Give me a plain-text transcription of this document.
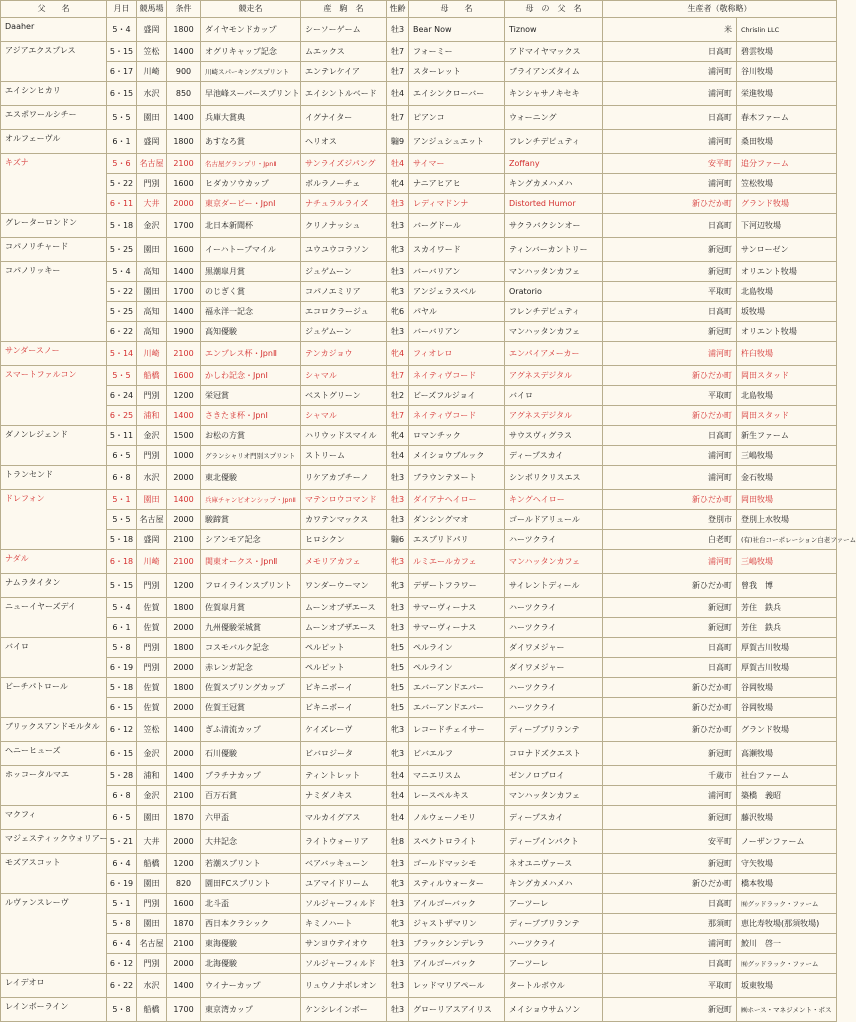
父　　名	月日	競馬場	条件	競走名	産　駒　名	性齢	母　　名	母　の　父　名	生産者（敬称略）	
Daaher	5・4	盛岡	1800	ダイヤモンドカップ	シーソーゲーム	牡3	Bear Now	Tiznow	米	Chrislin LLC	
アジアエクスプレス	5・15	笠松	1400	オグリキャップ記念	ムエックス	牡7	フォーミー	アドマイヤマックス	日高町	碧雲牧場	
	6・17	川崎	900	川崎スパーキングスプリント	エンテレケイア	牡7	スターレット	ブライアンズタイム	浦河町	谷川牧場	
エイシンヒカリ	6・15	水沢	850	早池峰スーパースプリント	エイシントルベード	牡4	エイシンクローバー	キンシャサノキセキ	浦河町	栄進牧場	
エスポワールシチー	5・5	園田	1400	兵庫大賞典	イグナイター	牡7	ピアンコ	ウォーニング	日高町	春木ファーム	
オルフェーヴル	6・1	盛岡	1800	あすなろ賞	ヘリオス	騸9	アンジュシュエット	フレンチデピュティ	浦河町	桑田牧場	
キズナ	5・6	名古屋	2100	名古屋グランプリ・JpnⅡ	サンライズジパング	牡4	サイマー	Zoffany	安平町	追分ファーム	
	5・22	門別	1600	ヒダカソウカップ	ボルラノーチェ	牝4	ナニアヒアヒ	キングカメハメハ	浦河町	笠松牧場	
	6・11	大井	2000	東京ダービー・JpnⅠ	ナチュラルライズ	牡3	レディマドンナ	Distorted Humor	新ひだか町	グランド牧場	
グレーターロンドン	5・18	金沢	1700	北日本新聞杯	クリノナッシュ	牡3	バーグドール	サクラバクシンオー	日高町	下河辺牧場	
コパノリチャード	5・25	園田	1600	イーハトーブマイル	ユウユウコラソン	牝3	スカイワード	ティンバーカントリー	新冠町	サンローゼン	
コパノリッキー	5・4	高知	1400	黒潮皐月賞	ジュゲムーン	牡3	バーバリアン	マンハッタンカフェ	新冠町	オリエント牧場	
	5・22	園田	1700	のじぎく賞	コパノエミリア	牝3	アンジェラスベル	Oratorio	平取町	北島牧場	
	5・25	高知	1400	福永洋一記念	エコロクラージュ	牝6	パヤル	フレンチデピュティ	日高町	坂牧場	
	6・22	高知	1900	高知優駿	ジュゲムーン	牡3	バーバリアン	マンハッタンカフェ	新冠町	オリエント牧場	
サンダースノー	5・14	川崎	2100	エンプレス杯・JpnⅡ	テンカジョウ	牝4	フィオレロ	エンパイアメーカー	浦河町	杵臼牧場	
スマートファルコン	5・5	船橋	1600	かしわ記念・JpnⅠ	シャマル	牡7	ネイティヴコード	アグネスデジタル	新ひだか町	岡田スタッド	
	6・24	門別	1200	栄冠賞	ベストグリーン	牡2	ビーズフルジョイ	バイロ	平取町	北島牧場	
	6・25	浦和	1400	さきたま杯・JpnⅠ	シャマル	牡7	ネイティヴコード	アグネスデジタル	新ひだか町	岡田スタッド	
ダノンレジェンド	5・11	金沢	1500	お松の方賞	ハリウッドスマイル	牝4	ロマンチック	サウスヴィグラス	日高町	新生ファーム	
	6・5	門別	1000	グランシャリオ門別スプリント	ストリーム	牡4	メイショウブルック	ディープスカイ	浦河町	三嶋牧場	
トランセンド	6・8	水沢	2000	東北優駿	リケアカプチーノ	牡3	ブラウンテヌート	シンボリクリスエス	浦河町	金石牧場	
ドレフォン	5・1	園田	1400	兵庫チャンピオンシップ・JpnⅡ	マテンロウコマンド	牡3	ダイアナヘイロー	キングヘイロー	新ひだか町	岡田牧場	
	5・5	名古屋	2000	駿蹄賞	カワテンマックス	牡3	ダンシングマオ	ゴールドアリュール	登別市	登別上水牧場	
	5・18	盛岡	2100	シアンモア記念	ヒロシクン	騸6	エスプリドパリ	ハーツクライ	白老町	(有)社台コーポレーション白老ファーム	
ナダル	6・18	川崎	2100	関東オークス・JpnⅡ	メモリアカフェ	牝3	ルミエールカフェ	マンハッタンカフェ	浦河町	三嶋牧場	
ナムラタイタン	5・15	門別	1200	フロイラインスプリント	ワンダーウーマン	牝3	デザートフラワー	サイレントディール	新ひだか町	曾我　博	
ニューイヤーズデイ	5・4	佐賀	1800	佐賀皐月賞	ムーンオブザエース	牡3	サマーヴィーナス	ハーツクライ	新冠町	芳住　鉄兵	
	6・1	佐賀	2000	九州優駿栄城賞	ムーンオブザエース	牡3	サマーヴィーナス	ハーツクライ	新冠町	芳住　鉄兵	
バイロ	5・8	門別	1800	コスモバルク記念	ペルピット	牡5	ペルライン	ダイワメジャー	日高町	厚賀古川牧場	
	6・19	門別	2000	赤レンガ記念	ペルピット	牡5	ペルライン	ダイワメジャー	日高町	厚賀古川牧場	
ビーチパトロール	5・18	佐賀	1800	佐賀スプリングカップ	ビキニボーイ	牡5	エバーアンドエバー	ハーツクライ	新ひだか町	谷岡牧場	
	6・15	佐賀	2000	佐賀王冠賞	ビキニボーイ	牡5	エバーアンドエバー	ハーツクライ	新ひだか町	谷岡牧場	
ブリックスアンドモルタル	6・12	笠松	1400	ぎふ清流カップ	ケイズレーヴ	牝3	レコードチェイサー	ディープブリランテ	新ひだか町	グランド牧場	
ヘニーヒューズ	6・15	金沢	2000	石川優駿	ビバロジータ	牝3	ビバエルフ	コロナドズクエスト	新冠町	高瀬牧場	
ホッコータルマエ	5・28	浦和	1400	プラチナカップ	ティントレット	牡4	マニエリスム	ゼンノロブロイ	千歳市	社台ファーム	
	6・8	金沢	2100	百万石賞	ナミダノキス	牡4	レースペルキス	マンハッタンカフェ	浦河町	築橋　義昭	
マクフィ	6・5	園田	1870	六甲盃	マルカイグアス	牡4	ノルウェーノモリ	ディープスカイ	新冠町	藤沢牧場	
マジェスティックウォリアー	5・21	大井	2000	大井記念	ライトウォーリア	牡8	スペクトロライト	ディープインパクト	安平町	ノーザンファーム	
モズアスコット	6・4	船橋	1200	若潮スプリント	ベアバッキューン	牡3	ゴールドマッシモ	ネオユニヴァース	新冠町	守矢牧場	
	6・19	園田	820	園田FCスプリント	ユアマイドリーム	牝3	スティルウォーター	キングカメハメハ	新ひだか町	橋本牧場	
ルヴァンスレーヴ	5・1	門別	1600	北斗盃	ソルジャーフィルド	牡3	アイルゴーバック	アーツーレ	日高町	㈲グッドラック・ファーム	
	5・8	園田	1870	西日本クラシック	キミノハート	牝3	ジャストザマリン	ディープブリランテ	那須町	恵比寿牧場(那須牧場)	
	6・4	名古屋	2100	東海優駿	サンヨウテイオウ	牡3	ブラックシンデレラ	ハーツクライ	浦河町	鮫川　啓一	
	6・12	門別	2000	北海優駿	ソルジャーフィルド	牡3	アイルゴーバック	アーツーレ	日高町	㈲グッドラック・ファーム	
レイデオロ	6・22	水沢	1400	ウイナーカップ	リュウノナポレオン	牡3	レッドマリアペール	タートルボウル	平取町	坂東牧場	
レインボーライン	5・8	船橋	1700	東京湾カップ	ケンシレインボー	牡3	グローリアスアイリス	メイショウサムソン	新冠町	㈱ホース・マネジメント・ボス	
